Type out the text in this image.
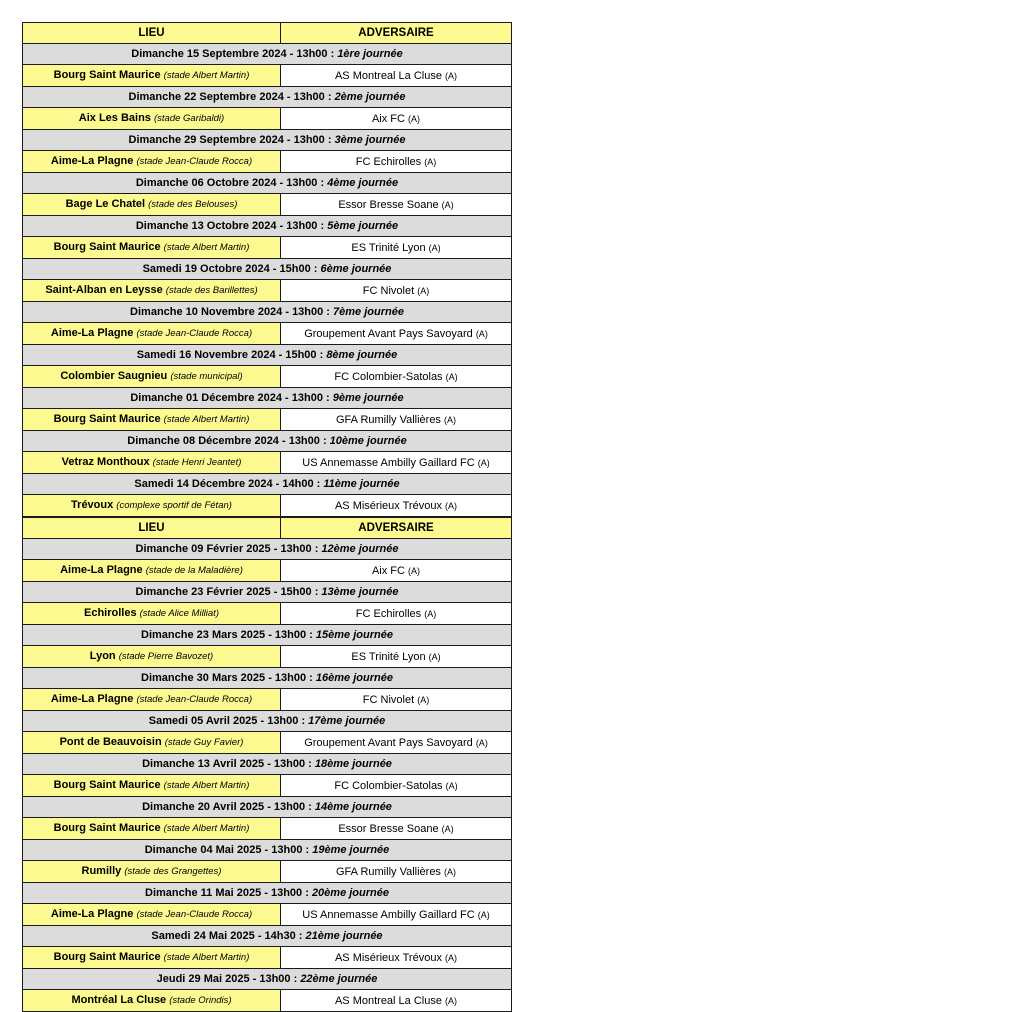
LIEU	ADVERSAIRE
Dimanche 15 Septembre 2024 - 13h00 : 1ère journée	
Bourg Saint Maurice (stade Albert Martin)	AS Montreal La Cluse (A)
Dimanche 22 Septembre 2024 - 13h00 : 2ème journée	
Aix Les Bains (stade Garibaldi)	Aix FC (A)
Dimanche 29 Septembre 2024 - 13h00 : 3ème journée	
Aime-La Plagne (stade Jean-Claude Rocca)	FC Echirolles (A)
Dimanche 06 Octobre 2024 - 13h00 : 4ème journée	
Bage Le Chatel (stade des Belouses)	Essor Bresse Soane (A)
Dimanche 13 Octobre 2024 - 13h00 : 5ème journée	
Bourg Saint Maurice (stade Albert Martin)	ES Trinité Lyon (A)
Samedi 19 Octobre 2024 - 15h00 : 6ème journée	
Saint-Alban en Leysse (stade des Barillettes)	FC Nivolet (A)
Dimanche 10 Novembre 2024 - 13h00 : 7ème journée	
Aime-La Plagne (stade Jean-Claude Rocca)	Groupement Avant Pays Savoyard (A)
Samedi 16 Novembre 2024 - 15h00 : 8ème journée	
Colombier Saugnieu (stade municipal)	FC Colombier-Satolas (A)
Dimanche 01 Décembre 2024 - 13h00 : 9ème journée	
Bourg Saint Maurice (stade Albert Martin)	GFA Rumilly Vallières (A)
Dimanche 08 Décembre 2024 - 13h00 : 10ème journée	
Vetraz Monthoux (stade Henri Jeantet)	US Annemasse Ambilly Gaillard FC (A)
Samedi 14 Décembre 2024 - 14h00 : 11ème journée	
Trévoux (complexe sportif de Fétan)	AS Misérieux Trévoux (A)
LIEU	ADVERSAIRE
Dimanche 09 Février 2025 - 13h00 : 12ème journée	
Aime-La Plagne (stade de la Maladière)	Aix FC (A)
Dimanche 23 Février 2025 - 15h00 : 13ème journée	
Echirolles (stade Alice Milliat)	FC Echirolles (A)
Dimanche 23 Mars 2025 - 13h00 : 15ème journée	
Lyon (stade Pierre Bavozet)	ES Trinité Lyon (A)
Dimanche 30 Mars 2025 - 13h00 : 16ème journée	
Aime-La Plagne (stade Jean-Claude Rocca)	FC Nivolet (A)
Samedi 05 Avril 2025 - 13h00 : 17ème journée	
Pont de Beauvoisin (stade Guy Favier)	Groupement Avant Pays Savoyard (A)
Dimanche 13 Avril 2025 - 13h00 : 18ème journée	
Bourg Saint Maurice (stade Albert Martin)	FC Colombier-Satolas (A)
Dimanche 20 Avril 2025 - 13h00 : 14ème journée	
Bourg Saint Maurice (stade Albert Martin)	Essor Bresse Soane (A)
Dimanche 04 Mai 2025 - 13h00 : 19ème journée	
Rumilly (stade des Grangettes)	GFA Rumilly Vallières (A)
Dimanche 11 Mai 2025 - 13h00 : 20ème journée	
Aime-La Plagne (stade Jean-Claude Rocca)	US Annemasse Ambilly Gaillard FC (A)
Samedi 24 Mai 2025 - 14h30 : 21ème journée	
Bourg Saint Maurice (stade Albert Martin)	AS Misérieux Trévoux (A)
Jeudi 29 Mai 2025 - 13h00 : 22ème journée	
Montréal La Cluse (stade Orindis)	AS Montreal La Cluse (A)
